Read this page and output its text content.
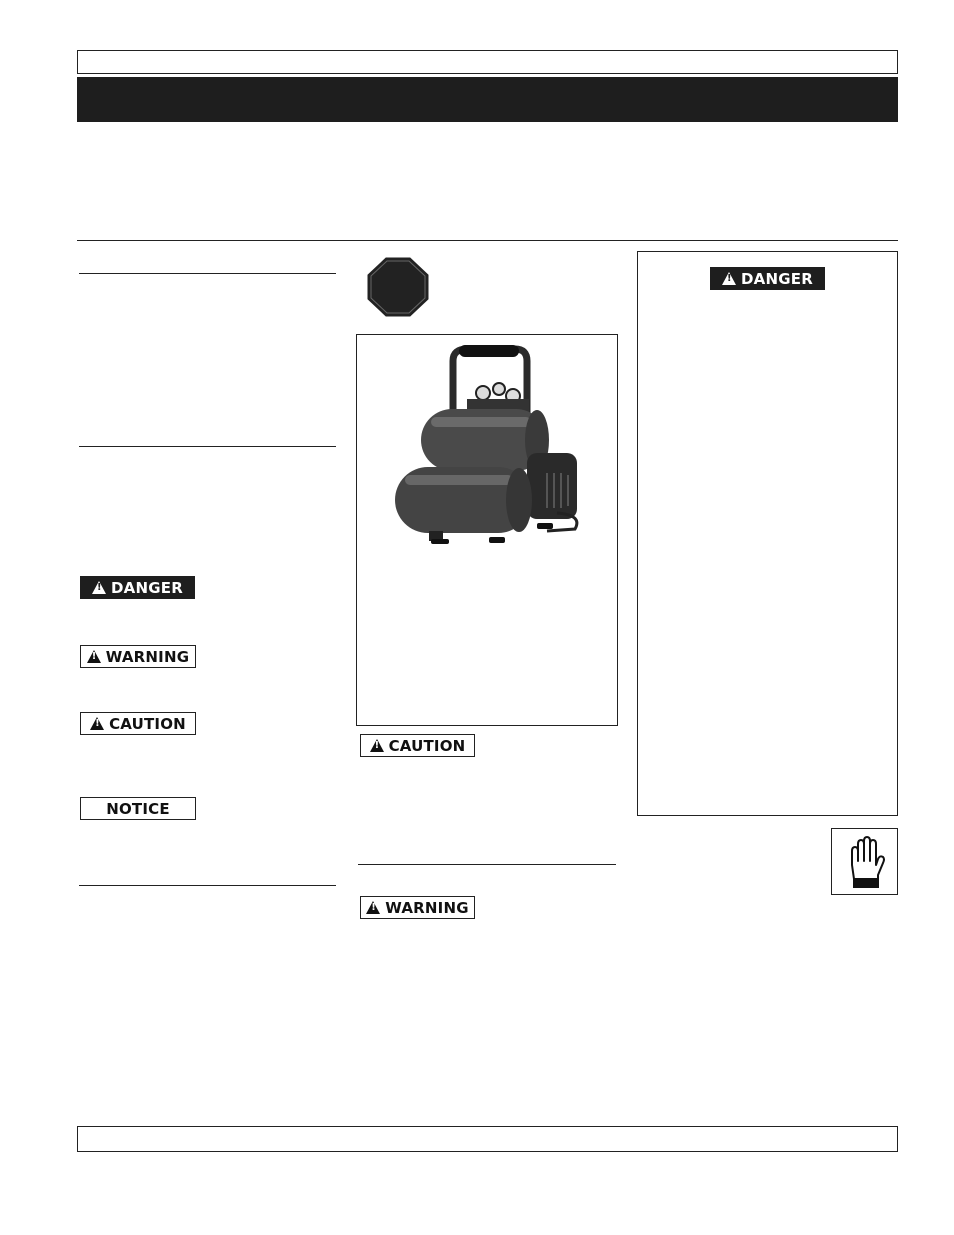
!
DANGER
!
WARNING
!
CAUTION
NOTICE
!
CAUTION
!
WARNING
!
DANGER
